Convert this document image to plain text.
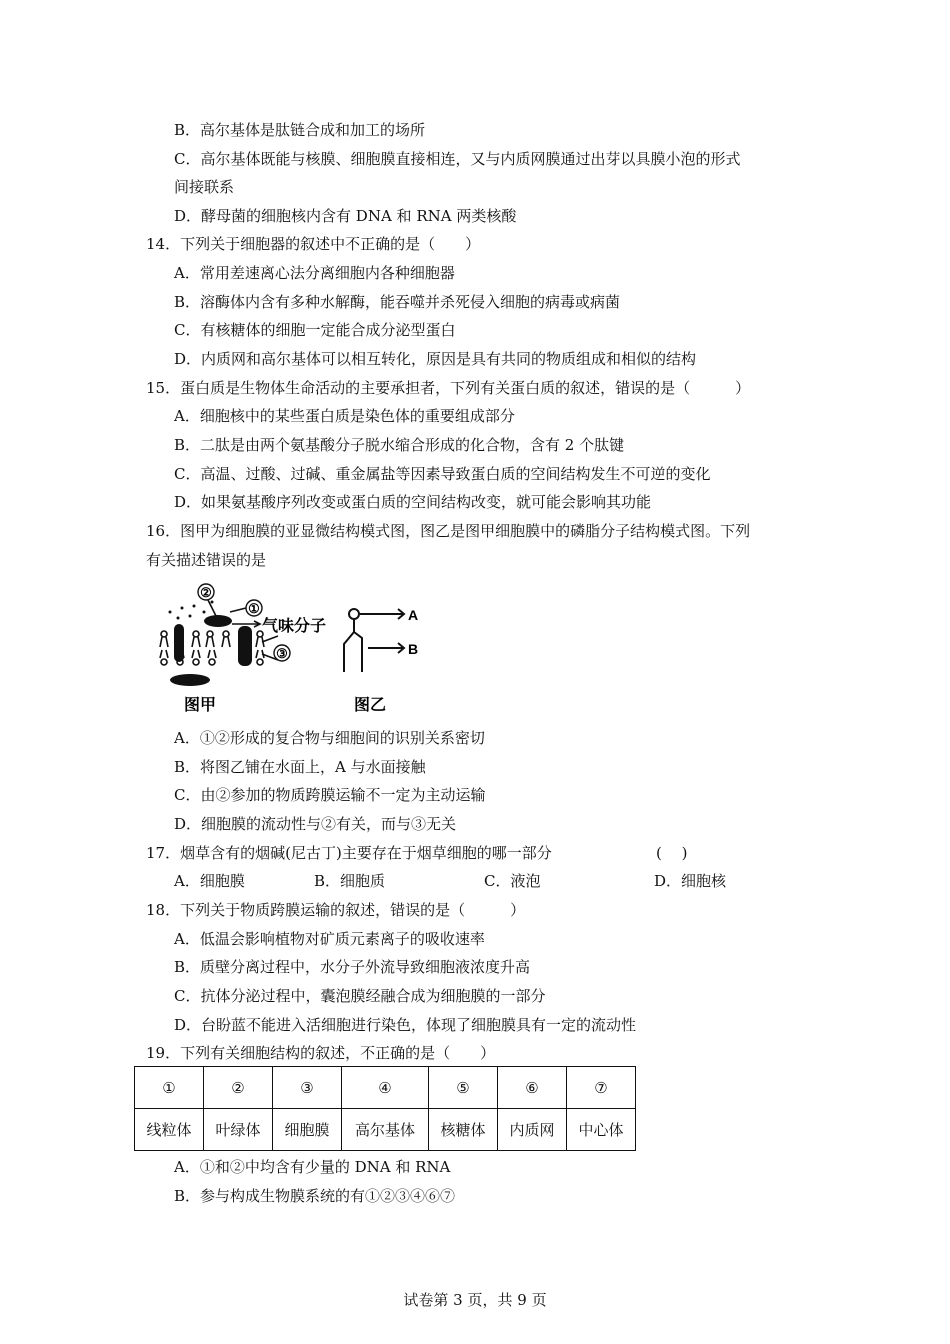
B．高尔基体是肽链合成和加工的场所
C．高尔基体既能与核膜、细胞膜直接相连，又与内质网膜通过出芽以具膜小泡的形式
间接联系
D．酵母菌的细胞核内含有 DNA 和 RNA 两类核酸
14．下列关于细胞器的叙述中不正确的是（　　）
A．常用差速离心法分离细胞内各种细胞器
B．溶酶体内含有多种水解酶，能吞噬并杀死侵入细胞的病毒或病菌
C．有核糖体的细胞一定能合成分泌型蛋白
D．内质网和高尔基体可以相互转化，原因是具有共同的物质组成和相似的结构
15．蛋白质是生物体生命活动的主要承担者，下列有关蛋白质的叙述，错误的是（　　　）
A．细胞核中的某些蛋白质是染色体的重要组成部分
B．二肽是由两个氨基酸分子脱水缩合形成的化合物，含有 2 个肽键
C．高温、过酸、过碱、重金属盐等因素导致蛋白质的空间结构发生不可逆的变化
D．如果氨基酸序列改变或蛋白质的空间结构改变，就可能会影响其功能
16．图甲为细胞膜的亚显微结构模式图，图乙是图甲细胞膜中的磷脂分子结构模式图。下列
有关描述错误的是
②
①
③
气味分子
A
B
图甲	图乙
A．①②形成的复合物与细胞间的识别关系密切
B．将图乙铺在水面上，A 与水面接触
C．由②参加的物质跨膜运输不一定为主动运输
D．细胞膜的流动性与②有关，而与③无关
17．烟草含有的烟碱(尼古丁)主要存在于烟草细胞的哪一部分	(　 )
A．细胞膜	B．细胞质	C．液泡	D．细胞核
18．下列关于物质跨膜运输的叙述，错误的是（　　　）
A．低温会影响植物对矿质元素离子的吸收速率
B．质壁分离过程中，水分子外流导致细胞液浓度升高
C．抗体分泌过程中，囊泡膜经融合成为细胞膜的一部分
D．台盼蓝不能进入活细胞进行染色，体现了细胞膜具有一定的流动性
19．下列有关细胞结构的叙述，不正确的是（　　）
①	②	③	④	⑤	⑥	⑦
线粒体	叶绿体	细胞膜	高尔基体	核糖体	内质网	中心体
A．①和②中均含有少量的 DNA 和 RNA
B．参与构成生物膜系统的有①②③④⑥⑦
试卷第 3 页，共 9 页
